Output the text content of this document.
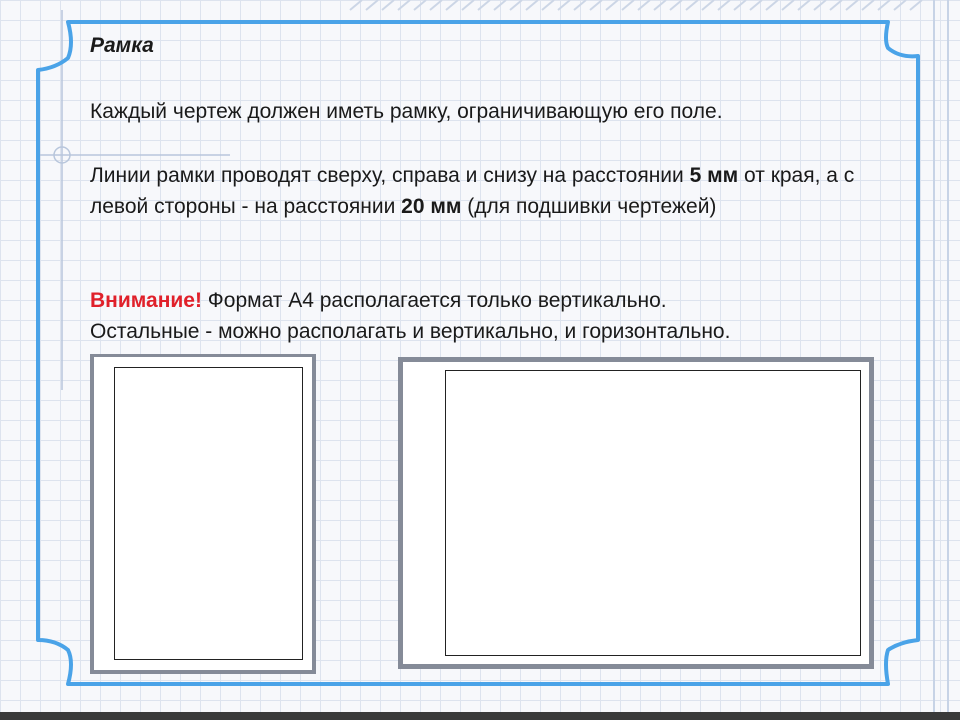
Рамка
Каждый чертеж должен иметь рамку, ограничивающую его поле.
Линии рамки проводят сверху, справа и снизу на расстоянии 5 мм от края, а с левой стороны - на расстоянии 20 мм (для подшивки чертежей)
Внимание! Формат А4 располагается только вертикально.
Остальные - можно располагать и вертикально, и горизонтально.
